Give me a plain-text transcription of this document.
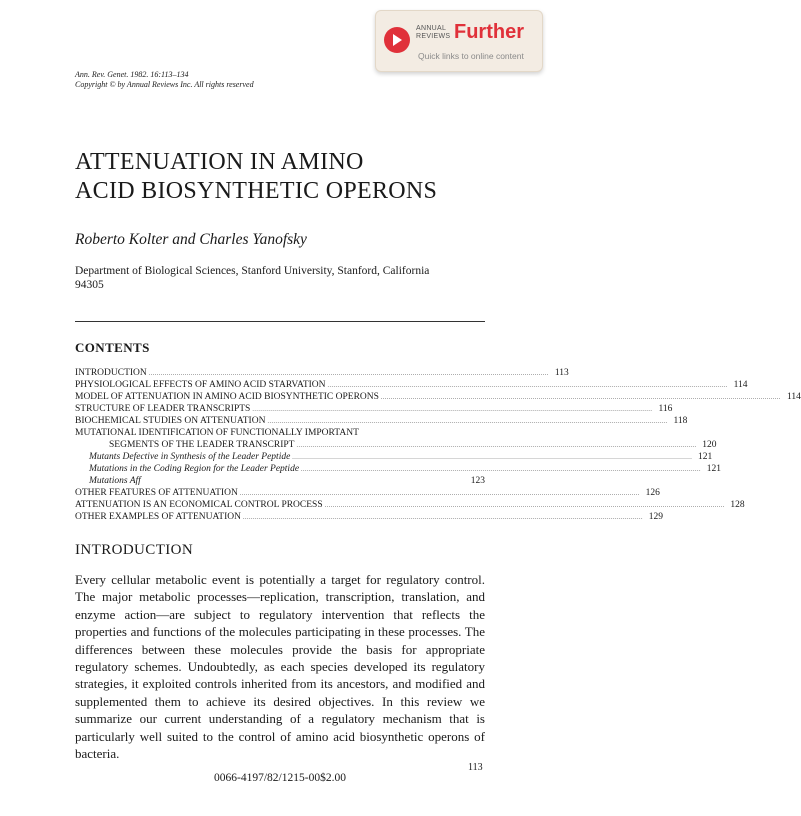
ANNUAL
REVIEWS Further
Quick links to online content
Ann. Rev. Genet. 1982. 16:113–134
Copyright © by Annual Reviews Inc. All rights reserved
ATTENUATION IN AMINO
ACID BIOSYNTHETIC OPERONS
Roberto Kolter and Charles Yanofsky
Department of Biological Sciences, Stanford University, Stanford, California
94305
CONTENTS
INTRODUCTION ........................................................................................................................................................................................................ 113
PHYSIOLOGICAL EFFECTS OF AMINO ACID STARVATION ........................................................................................................................................................................................................ 114
MODEL OF ATTENUATION IN AMINO ACID BIOSYNTHETIC OPERONS ........................................................................................................................................................................................................ 114
STRUCTURE OF LEADER TRANSCRIPTS ........................................................................................................................................................................................................ 116
BIOCHEMICAL STUDIES ON ATTENUATION ........................................................................................................................................................................................................ 118
MUTATIONAL IDENTIFICATION OF FUNCTIONALLY IMPORTANT
SEGMENTS OF THE LEADER TRANSCRIPT ........................................................................................................................................................................................................ 120
Mutants Defective in Synthesis of the Leader Peptide ........................................................................................................................................................................................................ 121
Mutations in the Coding Region for the Leader Peptide ........................................................................................................................................................................................................ 121
Mutations Aff	123
OTHER FEATURES OF ATTENUATION ........................................................................................................................................................................................................ 126
ATTENUATION IS AN ECONOMICAL CONTROL PROCESS ........................................................................................................................................................................................................ 128
OTHER EXAMPLES OF ATTENUATION ........................................................................................................................................................................................................ 129
INTRODUCTION

Every cellular metabolic event is potentially a target for regulatory control. The major metabolic processes—replication, transcription, translation, and enzyme action—are subject to regulatory intervention that reflects the properties and functions of the molecules participating in these processes. The differences between these molecules provide the basis for appropriate regulatory schemes. Undoubtedly, as each species developed its regulatory strategies, it exploited controls inherited from its ancestors, and modified and supplemented them to achieve its desired objectives. In this review we summarize our current understanding of a regulatory mechanism that is particularly well suited to the control of amino acid biosynthetic operons of bacteria.

113
0066-4197/82/1215-00$2.00
